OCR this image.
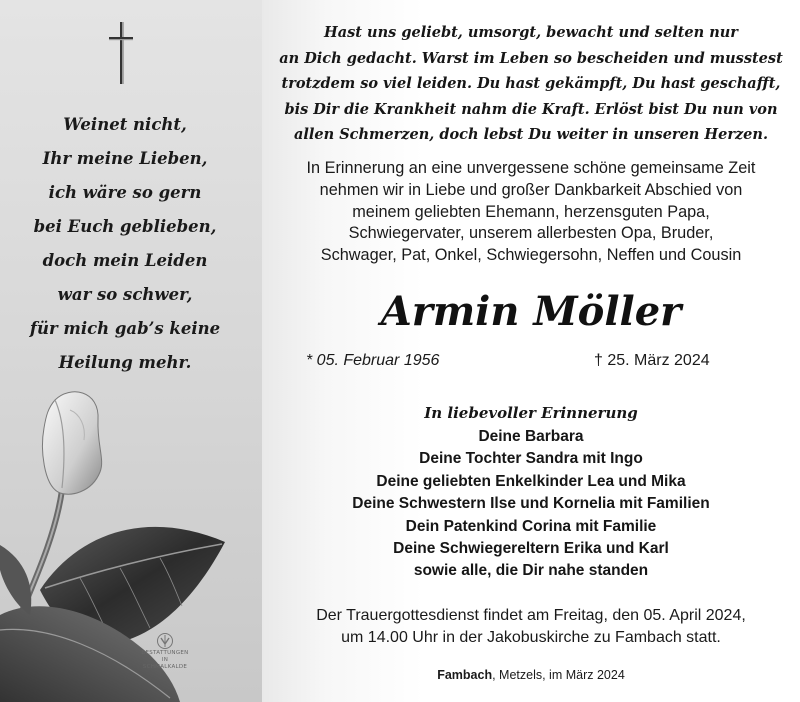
Weinet nicht,
Ihr meine Lieben,
ich wäre so gern
bei Euch geblieben,
doch mein Leiden
war so schwer,
für mich gab’s keine
Heilung mehr.
BESTATTUNGEN
IN
SCHMALKALDE
Hast uns geliebt, umsorgt, bewacht und selten nur
an Dich gedacht. Warst im Leben so bescheiden und musstest
trotzdem so viel leiden. Du hast gekämpft, Du hast geschafft,
bis Dir die Krankheit nahm die Kraft. Erlöst bist Du nun von
allen Schmerzen, doch lebst Du weiter in unseren Herzen.
In Erinnerung an eine unvergessene schöne gemeinsame Zeit
nehmen wir in Liebe und großer Dankbarkeit Abschied von
meinem geliebten Ehemann, herzensguten Papa,
Schwiegervater, unserem allerbesten Opa, Bruder,
Schwager, Pat, Onkel, Schwiegersohn, Neffen und Cousin
Armin Möller
* 05. Februar 1956	† 25. März 2024
In liebevoller Erinnerung
Deine Barbara
Deine Tochter Sandra mit Ingo
Deine geliebten Enkelkinder Lea und Mika
Deine Schwestern Ilse und Kornelia mit Familien
Dein Patenkind Corina mit Familie
Deine Schwiegereltern Erika und Karl
sowie alle, die Dir nahe standen
Der Trauergottesdienst findet am Freitag, den 05. April 2024,
um 14.00 Uhr in der Jakobuskirche zu Fambach statt.
Fambach, Metzels, im März 2024
